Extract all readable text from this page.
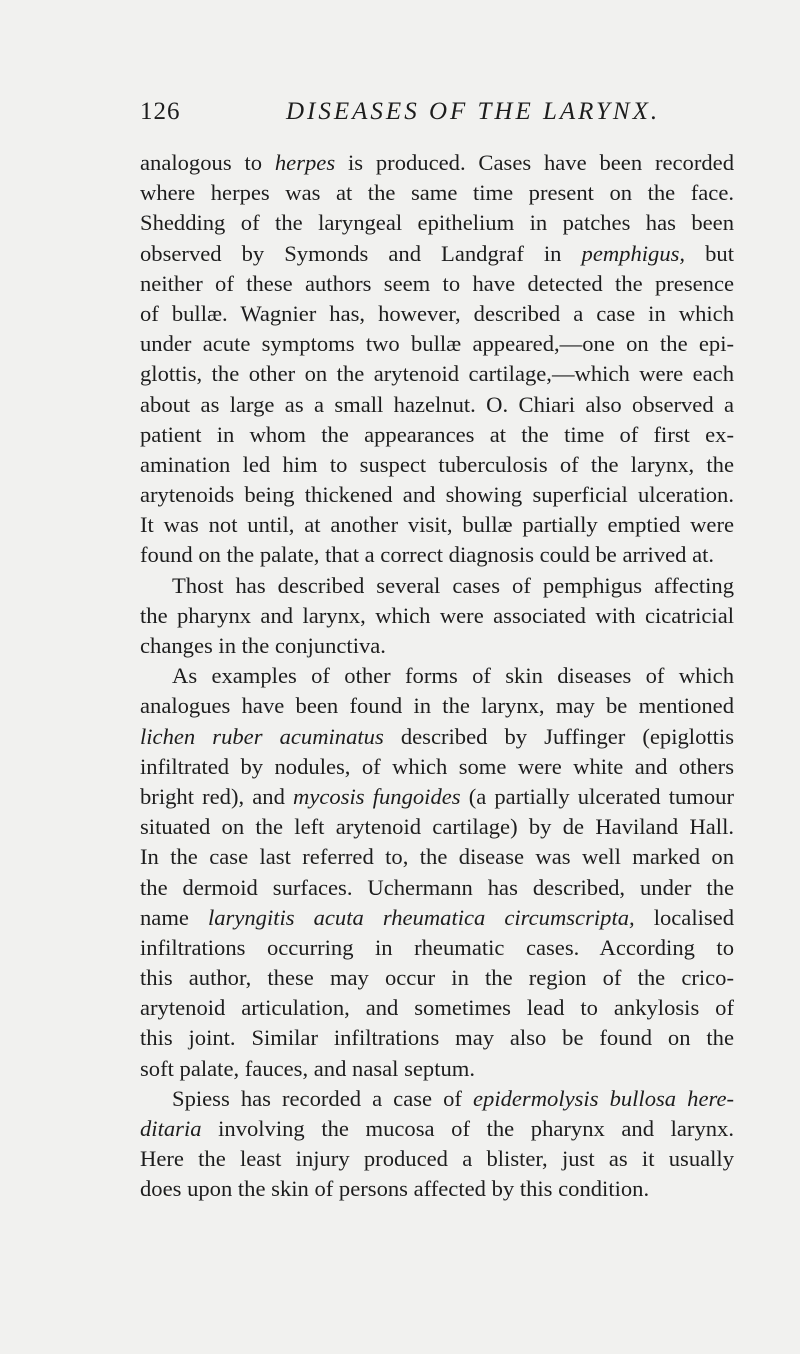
126	DISEASES OF THE LARYNX.
analogous to herpes is produced. Cases have been recorded
where herpes was at the same time present on the face.
Shedding of the laryngeal epithelium in patches has been
observed by Symonds and Landgraf in pemphigus, but
neither of these authors seem to have detected the presence
of bullæ. Wagnier has, however, described a case in which
under acute symptoms two bullæ appeared,—one on the epi-
glottis, the other on the arytenoid cartilage,—which were each
about as large as a small hazelnut. O. Chiari also observed a
patient in whom the appearances at the time of first ex-
amination led him to suspect tuberculosis of the larynx, the
arytenoids being thickened and showing superficial ulceration.
It was not until, at another visit, bullæ partially emptied were
found on the palate, that a correct diagnosis could be arrived at.
Thost has described several cases of pemphigus affecting
the pharynx and larynx, which were associated with cicatricial
changes in the conjunctiva.
As examples of other forms of skin diseases of which
analogues have been found in the larynx, may be mentioned
lichen ruber acuminatus described by Juffinger (epiglottis
infiltrated by nodules, of which some were white and others
bright red), and mycosis fungoides (a partially ulcerated tumour
situated on the left arytenoid cartilage) by de Haviland Hall.
In the case last referred to, the disease was well marked on
the dermoid surfaces. Uchermann has described, under the
name laryngitis acuta rheumatica circumscripta, localised
infiltrations occurring in rheumatic cases. According to
this author, these may occur in the region of the crico-
arytenoid articulation, and sometimes lead to ankylosis of
this joint. Similar infiltrations may also be found on the
soft palate, fauces, and nasal septum.
Spiess has recorded a case of epidermolysis bullosa here-
ditaria involving the mucosa of the pharynx and larynx.
Here the least injury produced a blister, just as it usually
does upon the skin of persons affected by this condition.
